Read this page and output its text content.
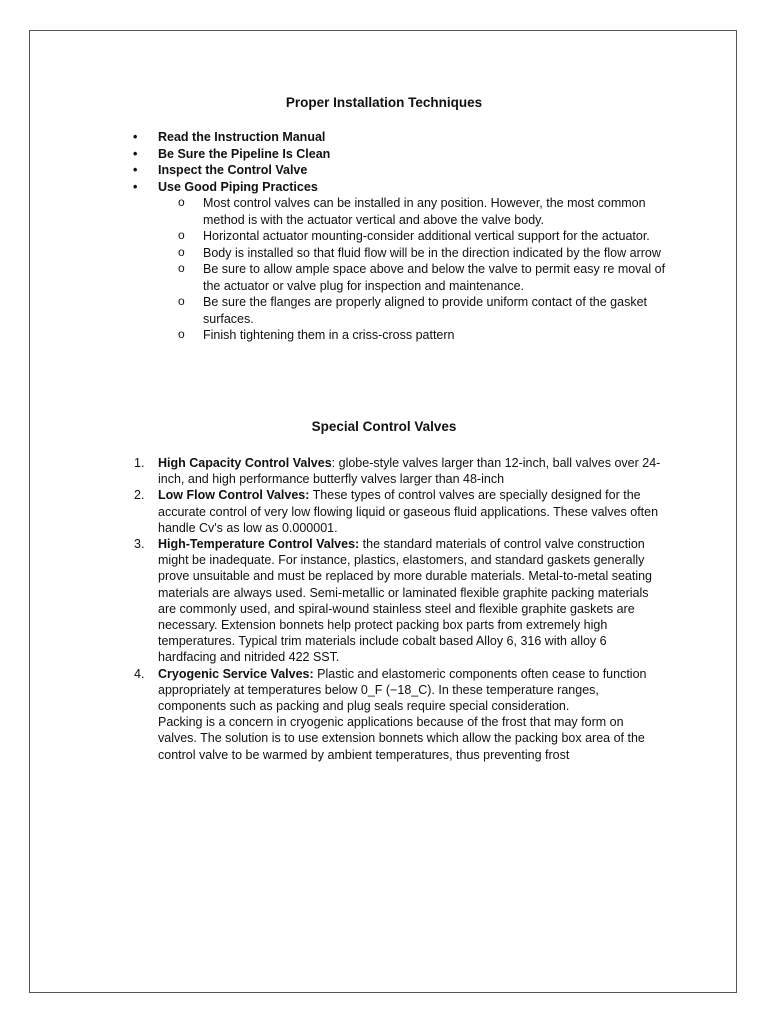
Proper Installation Techniques
• Read the Instruction Manual
• Be Sure the Pipeline Is Clean
• Inspect the Control Valve
• Use Good Piping Practices
o Most control valves can be installed in any position. However, the most common method is with the actuator vertical and above the valve body.
o Horizontal actuator mounting-consider additional vertical support for the actuator.
o Body is installed so that fluid flow will be in the direction indicated by the flow arrow
o Be sure to allow ample space above and below the valve to permit easy re moval of the actuator or valve plug for inspection and maintenance.
o Be sure the flanges are properly aligned to provide uniform contact of the gasket surfaces.
o Finish tightening them in a criss-cross pattern
Special Control Valves
1. High Capacity Control Valves: globe-style valves larger than 12-inch, ball valves over 24-inch, and high performance butterfly valves larger than 48-inch
2. Low Flow Control Valves: These types of control valves are specially designed for the accurate control of very low flowing liquid or gaseous fluid applications. These valves often handle Cv's as low as 0.000001.
3. High-Temperature Control Valves: the standard materials of control valve construction might be inadequate. For instance, plastics, elastomers, and standard gaskets generally prove unsuitable and must be replaced by more durable materials. Metal-to-metal seating materials are always used. Semi-metallic or laminated flexible graphite packing materials are commonly used, and spiral-wound stainless steel and flexible graphite gaskets are necessary. Extension bonnets help protect packing box parts from extremely high temperatures. Typical trim materials include cobalt based Alloy 6, 316 with alloy 6 hardfacing and nitrided 422 SST.
4. Cryogenic Service Valves: Plastic and elastomeric components often cease to function appropriately at temperatures below 0_F (−18_C). In these temperature ranges, components such as packing and plug seals require special consideration.
Packing is a concern in cryogenic applications because of the frost that may form on valves. The solution is to use extension bonnets which allow the packing box area of the control valve to be warmed by ambient temperatures, thus preventing frost
